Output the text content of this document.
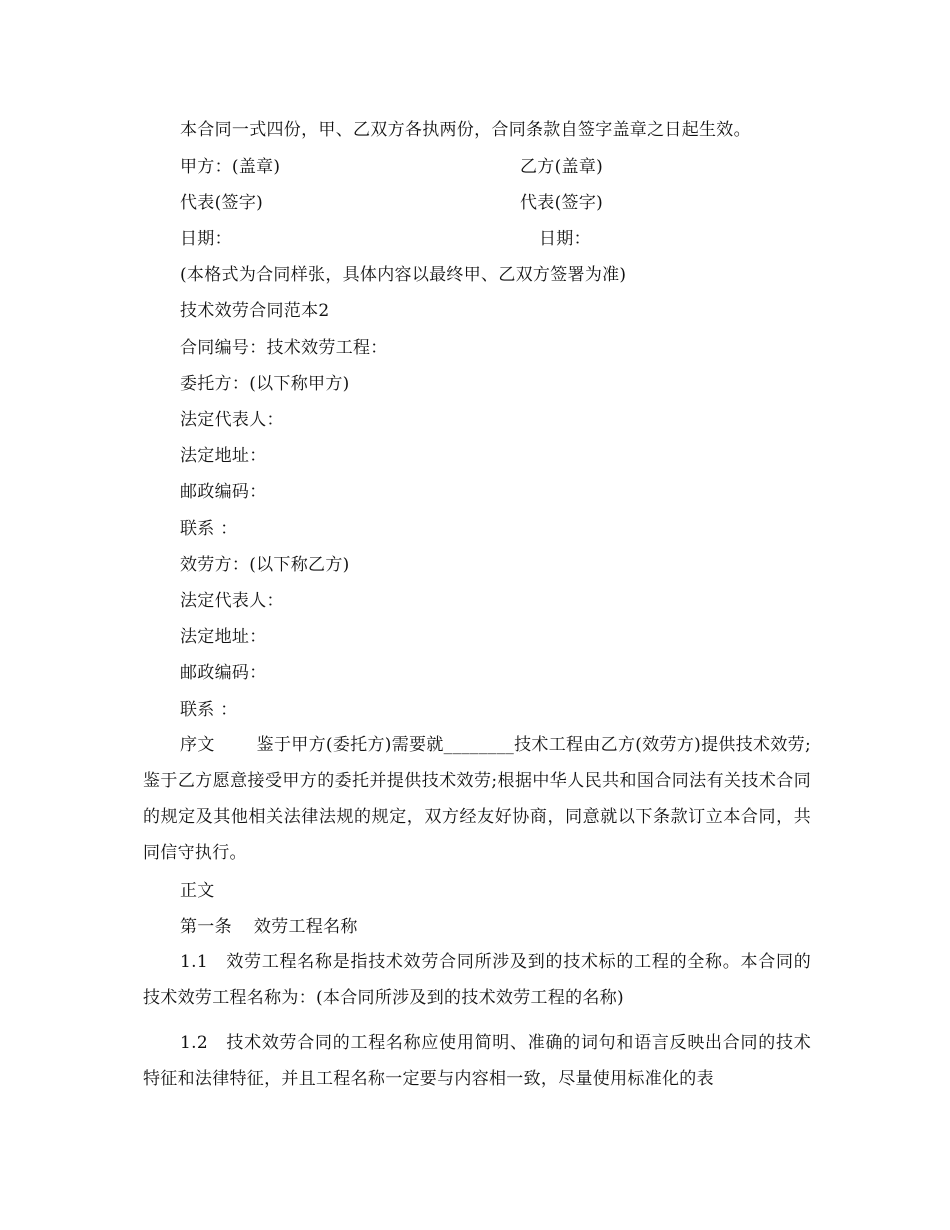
本合同一式四份，甲、乙双方各执两份，合同条款自签字盖章之日起生效。
甲方：(盖章)	乙方(盖章)
代表(签字)	代表(签字)
日期：	日期：
(本格式为合同样张，具体内容以最终甲、乙双方签署为准)
技术效劳合同范本2
合同编号：技术效劳工程：
委托方：(以下称甲方)
法定代表人：
法定地址：
邮政编码：
联系 ：
效劳方：(以下称乙方)
法定代表人：
法定地址：
邮政编码：
联系 ：
序文 鉴于甲方(委托方)需要就________技术工程由乙方(效劳方)提供技术效劳;鉴于乙方愿意接受甲方的委托并提供技术效劳;根据中华人民共和国合同法有关技术合同的规定及其他相关法律法规的规定，双方经友好协商，同意就以下条款订立本合同，共同信守执行。
正文
第一条 效劳工程名称
1.1 效劳工程名称是指技术效劳合同所涉及到的技术标的工程的全称。本合同的技术效劳工程名称为：(本合同所涉及到的技术效劳工程的名称)
1.2 技术效劳合同的工程名称应使用简明、准确的词句和语言反映出合同的技术特征和法律特征，并且工程名称一定要与内容相一致，尽量使用标准化的表
